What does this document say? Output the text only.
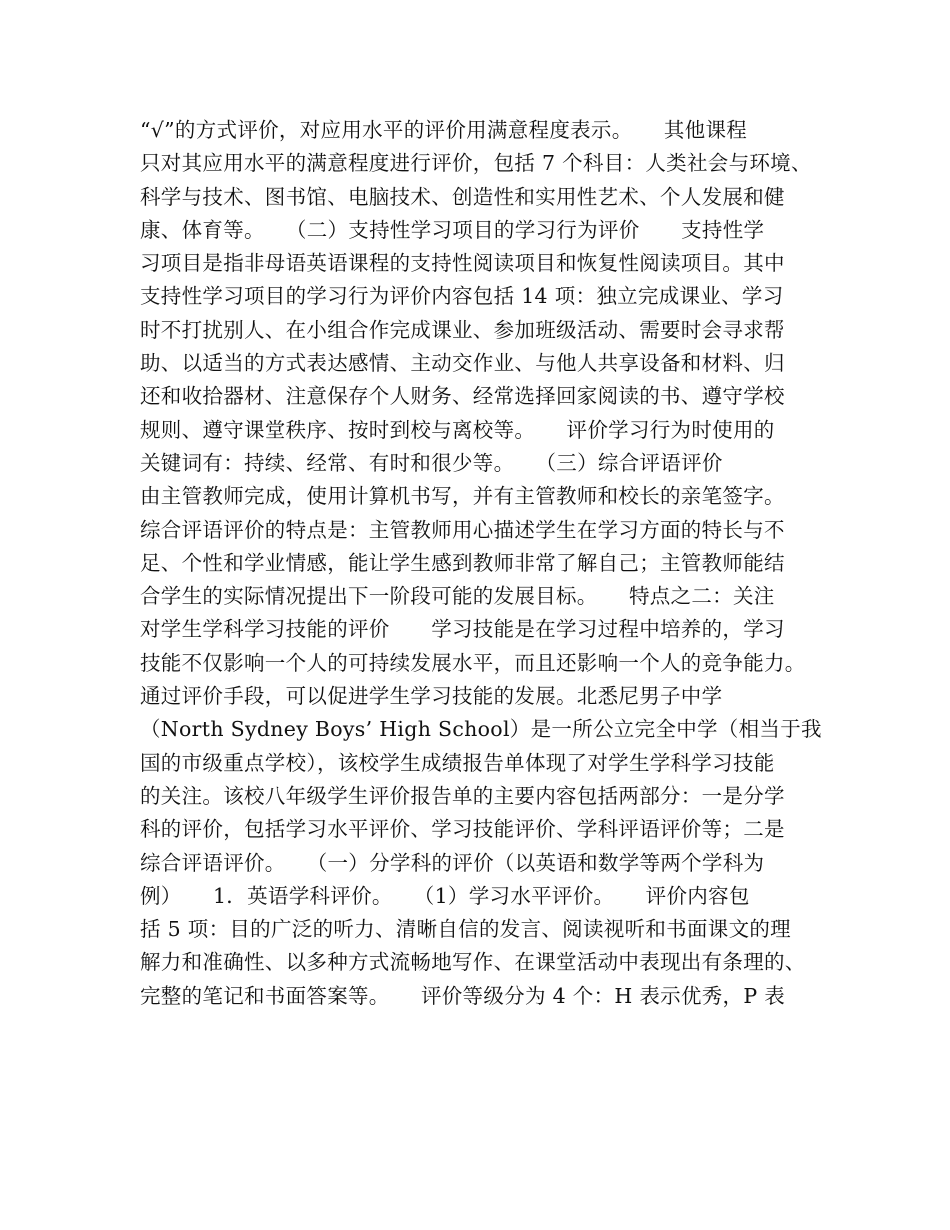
“√”的方式评价，对应用水平的评价用满意程度表示。　　其他课程
只对其应用水平的满意程度进行评价，包括 7 个科目：人类社会与环境、
科学与技术、图书馆、电脑技术、创造性和实用性艺术、个人发展和健
康、体育等。　　（二）支持性学习项目的学习行为评价　　支持性学
习项目是指非母语英语课程的支持性阅读项目和恢复性阅读项目。其中
支持性学习项目的学习行为评价内容包括 14 项：独立完成课业、学习
时不打扰别人、在小组合作完成课业、参加班级活动、需要时会寻求帮
助、以适当的方式表达感情、主动交作业、与他人共享设备和材料、归
还和收拾器材、注意保存个人财务、经常选择回家阅读的书、遵守学校
规则、遵守课堂秩序、按时到校与离校等。　　评价学习行为时使用的
关键词有：持续、经常、有时和很少等。　　（三）综合评语评价
由主管教师完成，使用计算机书写，并有主管教师和校长的亲笔签字。
综合评语评价的特点是：主管教师用心描述学生在学习方面的特长与不
足、个性和学业情感，能让学生感到教师非常了解自己；主管教师能结
合学生的实际情况提出下一阶段可能的发展目标。　　特点之二：关注
对学生学科学习技能的评价　　学习技能是在学习过程中培养的，学习
技能不仅影响一个人的可持续发展水平，而且还影响一个人的竞争能力。
通过评价手段，可以促进学生学习技能的发展。北悉尼男子中学
（North Sydney Boys’ High School）是一所公立完全中学（相当于我
国的市级重点学校），该校学生成绩报告单体现了对学生学科学习技能
的关注。该校八年级学生评价报告单的主要内容包括两部分：一是分学
科的评价，包括学习水平评价、学习技能评价、学科评语评价等；二是
综合评语评价。　　（一）分学科的评价（以英语和数学等两个学科为
例）　　1．英语学科评价。　　（1）学习水平评价。　　评价内容包
括 5 项：目的广泛的听力、清晰自信的发言、阅读视听和书面课文的理
解力和准确性、以多种方式流畅地写作、在课堂活动中表现出有条理的、
完整的笔记和书面答案等。　　评价等级分为 4 个：H 表示优秀，P 表
